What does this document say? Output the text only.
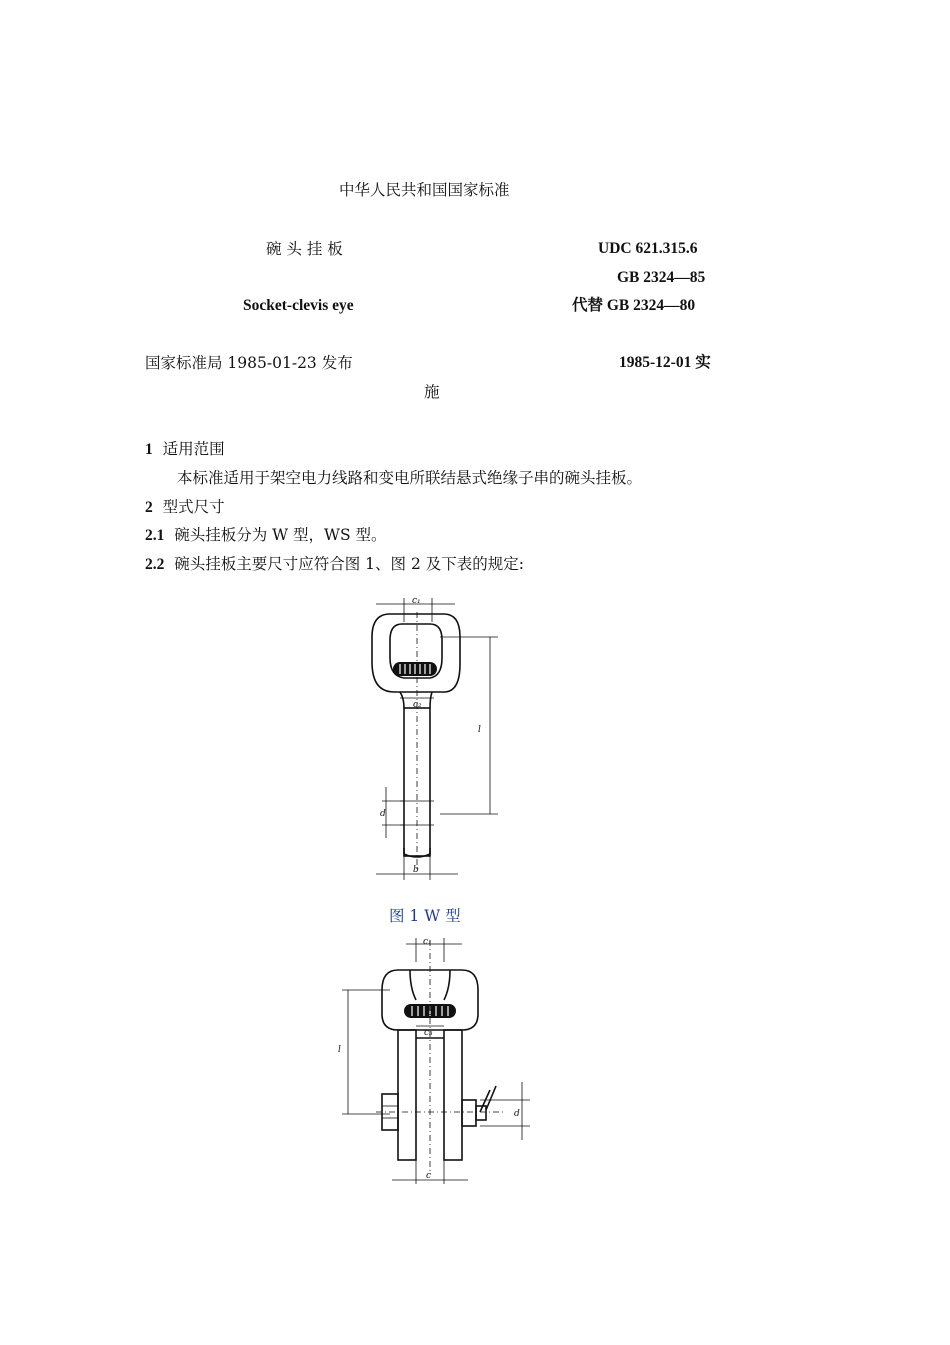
中华人民共和国国家标准
碗 头 挂 板	UDC 621.315.6
GB 2324—85
Socket-clevis eye	代替 GB 2324—80
国家标准局 1985-01-23 发布	1985-12-01 实
施
1 适用范围
本标准适用于架空电力线路和变电所联结悬式绝缘子串的碗头挂板。
2 型式尺寸
2.1 碗头挂板分为 W 型，WS 型。
2.2 碗头挂板主要尺寸应符合图 1、图 2 及下表的规定:
c₁
c₂
d
l
b
图 1 W 型
c₁
c₃
l
d
c
